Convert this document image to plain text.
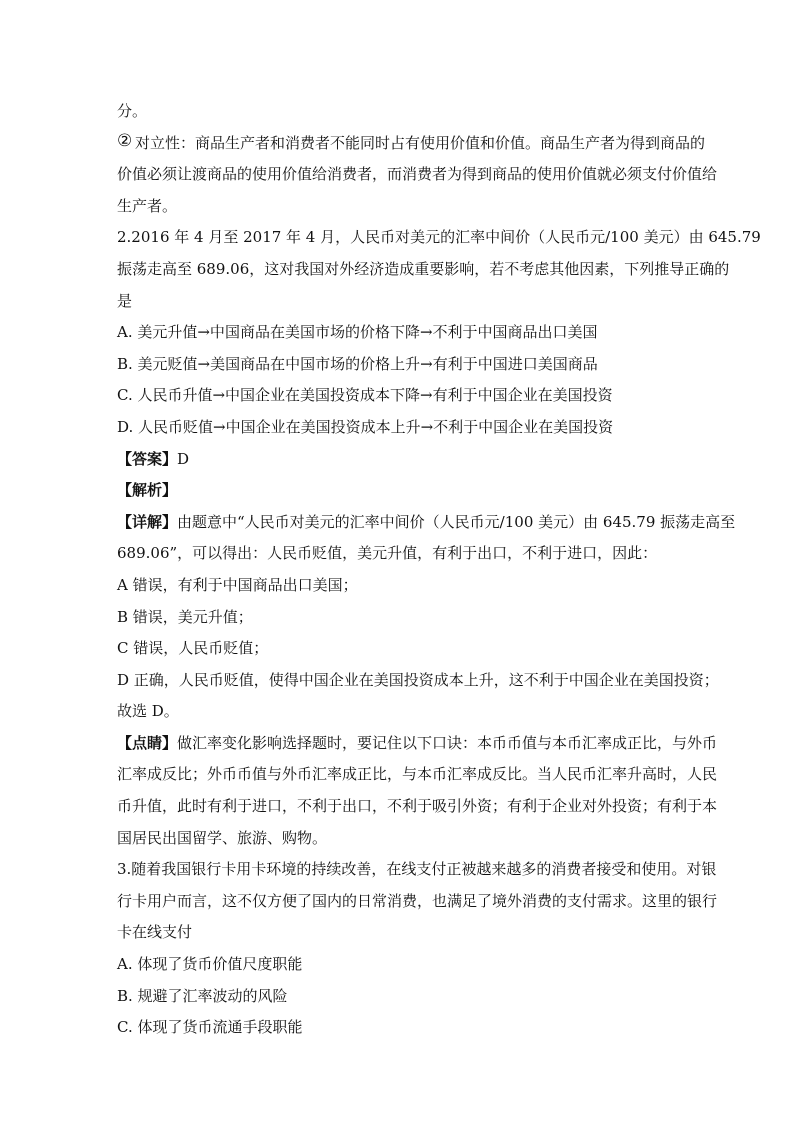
分。
② 对立性：商品生产者和消费者不能同时占有使用价值和价值。商品生产者为得到商品的
价值必须让渡商品的使用价值给消费者，而消费者为得到商品的使用价值就必须支付价值给
生产者。
2.2016 年 4 月至 2017 年 4 月，人民币对美元的汇率中间价（人民币元/100 美元）由 645.79
振荡走高至 689.06，这对我国对外经济造成重要影响，若不考虑其他因素，下列推导正确的
是
A. 美元升值→中国商品在美国市场的价格下降→不利于中国商品出口美国
B. 美元贬值→美国商品在中国市场的价格上升→有利于中国进口美国商品
C. 人民币升值→中国企业在美国投资成本下降→有利于中国企业在美国投资
D. 人民币贬值→中国企业在美国投资成本上升→不利于中国企业在美国投资
【答案】D
【解析】
【详解】由题意中“人民币对美元的汇率中间价（人民币元/100 美元）由 645.79 振荡走高至
689.06”，可以得出：人民币贬值，美元升值，有利于出口，不利于进口，因此：
A 错误，有利于中国商品出口美国；
B 错误，美元升值；
C 错误，人民币贬值；
D 正确，人民币贬值，使得中国企业在美国投资成本上升，这不利于中国企业在美国投资；
故选 D。
【点睛】做汇率变化影响选择题时，要记住以下口诀：本币币值与本币汇率成正比，与外币
汇率成反比；外币币值与外币汇率成正比，与本币汇率成反比。当人民币汇率升高时，人民
币升值，此时有利于进口，不利于出口，不利于吸引外资；有利于企业对外投资；有利于本
国居民出国留学、旅游、购物。
3.随着我国银行卡用卡环境的持续改善，在线支付正被越来越多的消费者接受和使用。对银
行卡用户而言，这不仅方便了国内的日常消费，也满足了境外消费的支付需求。这里的银行
卡在线支付
A. 体现了货币价值尺度职能
B. 规避了汇率波动的风险
C. 体现了货币流通手段职能
